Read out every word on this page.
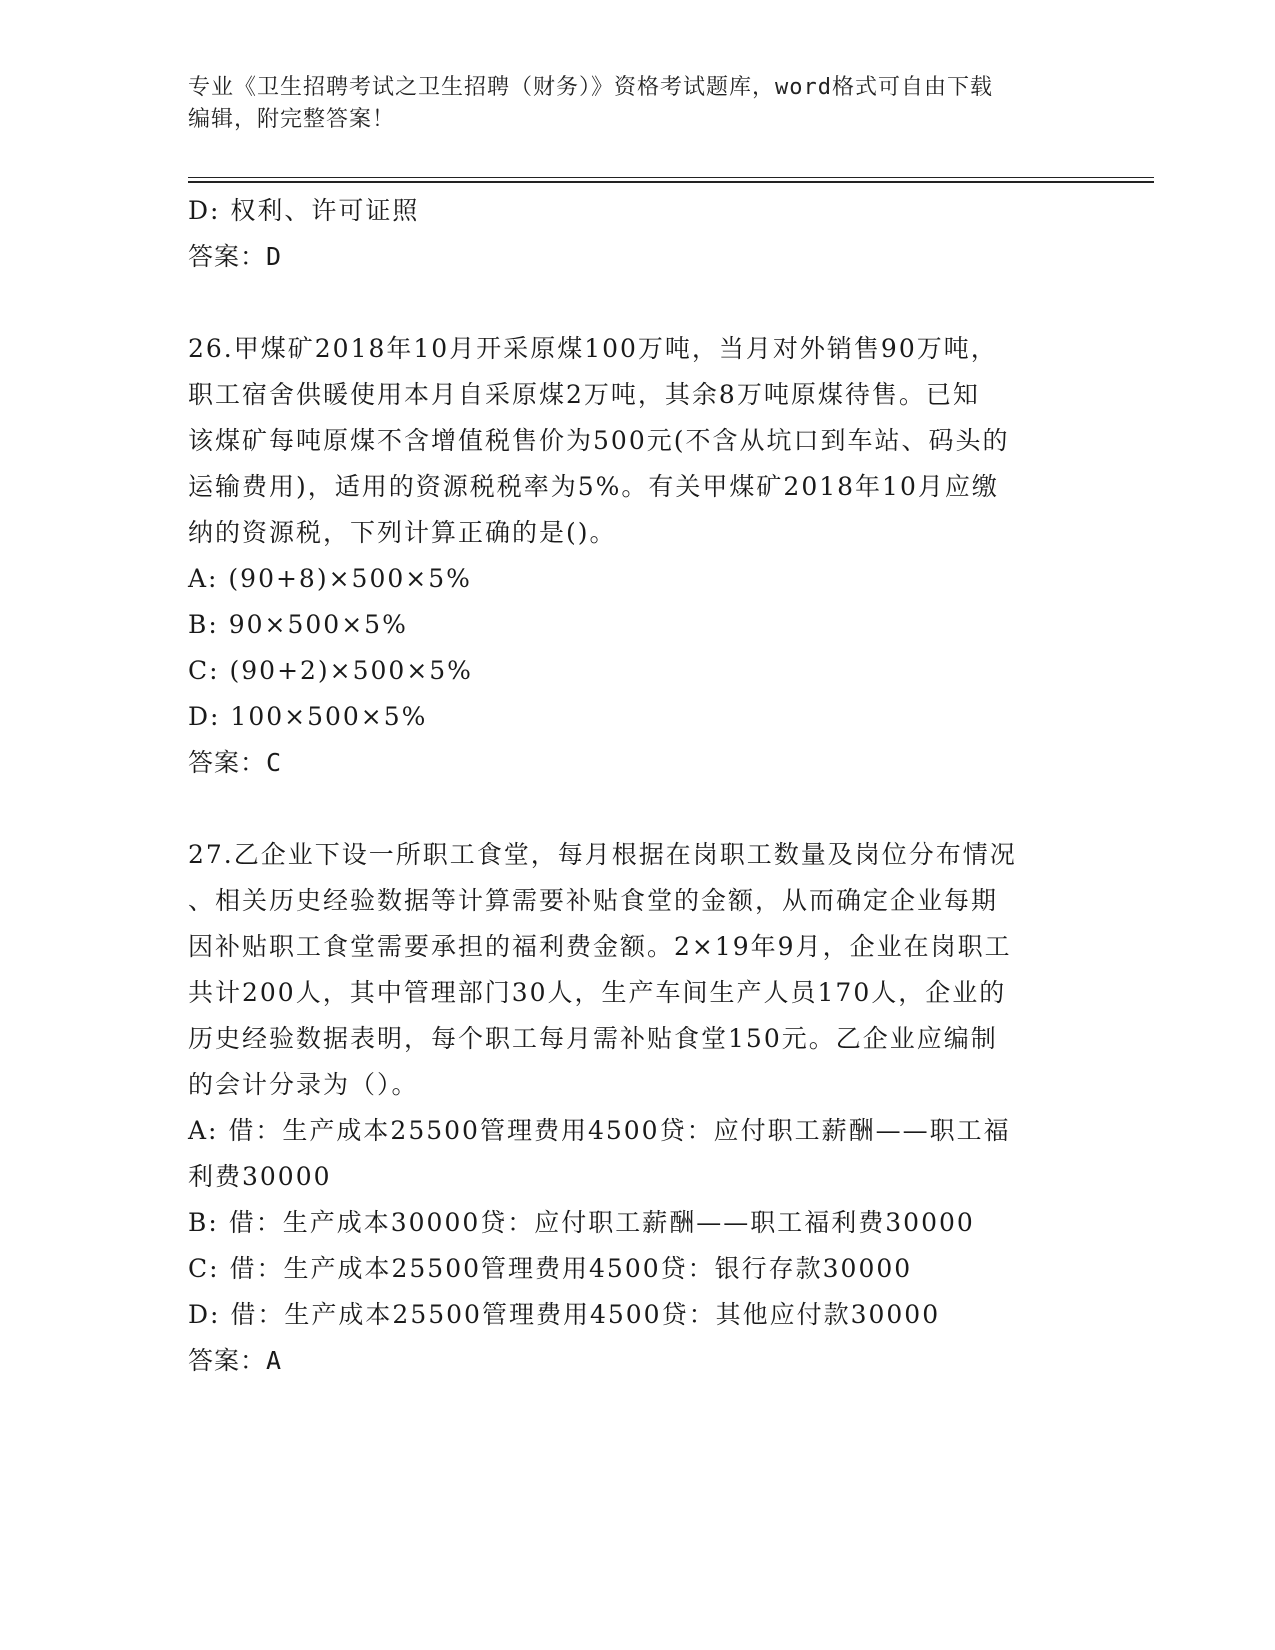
专业《卫生招聘考试之卫生招聘（财务）》资格考试题库，word格式可自由下载
编辑，附完整答案！
D: 权利、许可证照
答案：D
26.甲煤矿2018年10月开采原煤100万吨，当月对外销售90万吨，
职工宿舍供暖使用本月自采原煤2万吨，其余8万吨原煤待售。已知
该煤矿每吨原煤不含增值税售价为500元(不含从坑口到车站、码头的
运输费用)，适用的资源税税率为5%。有关甲煤矿2018年10月应缴
纳的资源税，下列计算正确的是()。
A: (90+8)×500×5%
B: 90×500×5%
C: (90+2)×500×5%
D: 100×500×5%
答案：C
27.乙企业下设一所职工食堂，每月根据在岗职工数量及岗位分布情况
、相关历史经验数据等计算需要补贴食堂的金额，从而确定企业每期
因补贴职工食堂需要承担的福利费金额。2×19年9月，企业在岗职工
共计200人，其中管理部门30人，生产车间生产人员170人，企业的
历史经验数据表明，每个职工每月需补贴食堂150元。乙企业应编制
的会计分录为（）。
A: 借：生产成本25500管理费用4500贷：应付职工薪酬——职工福
利费30000
B: 借：生产成本30000贷：应付职工薪酬——职工福利费30000
C: 借：生产成本25500管理费用4500贷：银行存款30000
D: 借：生产成本25500管理费用4500贷：其他应付款30000
答案：A
